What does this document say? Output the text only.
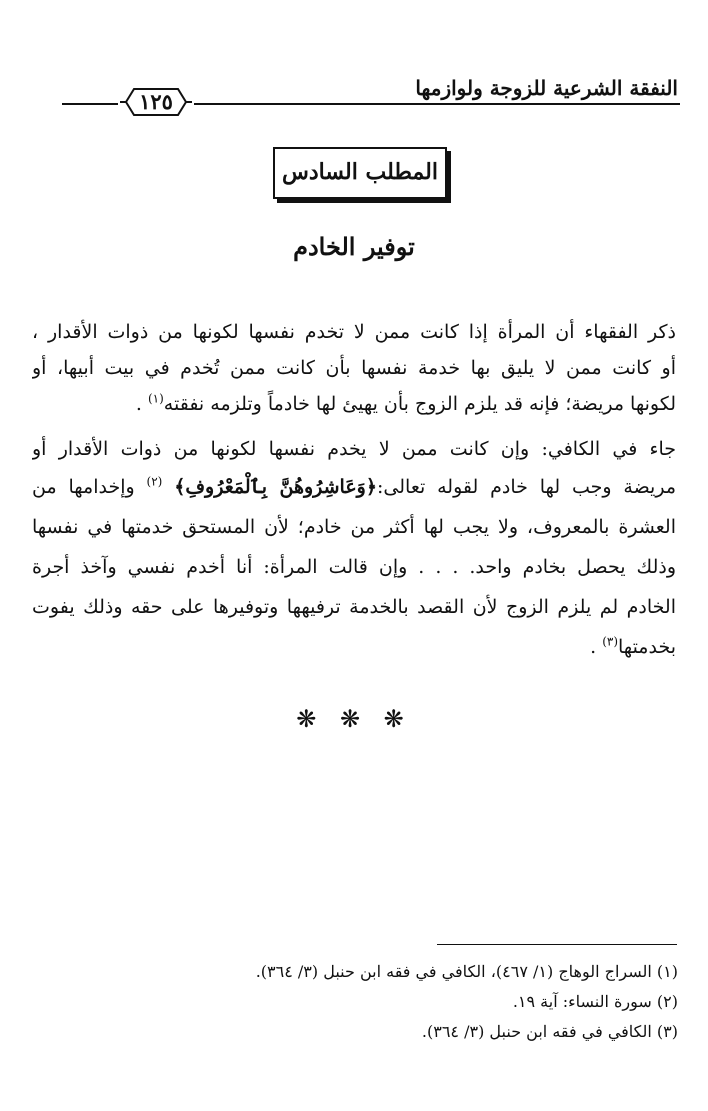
النفقة الشرعية للزوجة ولوازمها
١٢٥
المطلب السادس
توفير الخادم
ذكر الفقهاء أن المرأة إذا كانت ممن لا تخدم نفسها لكونها من ذوات الأقدار ،
أو كانت ممن لا يليق بها خدمة نفسها بأن كانت ممن تُخدم في بيت أبيها، أو
لكونها مريضة؛ فإنه قد يلزم الزوج بأن يهيئ لها خادماً وتلزمه نفقته$^{(١)}$ .
جاء في الكافي: وإن كانت ممن لا يخدم نفسها لكونها من ذوات الأقدار أو
مريضة وجب لها خادم لقوله تعالى:﴿وَعَاشِرُوهُنَّ بِٱلْمَعْرُوفِ﴾ $^{(٢)}$ وإخدامها من
العشرة بالمعروف، ولا يجب لها أكثر من خادم؛ لأن المستحق خدمتها في نفسها
وذلك يحصل بخادم واحد. . . . وإن قالت المرأة: أنا أخدم نفسي وآخذ أجرة
الخادم لم يلزم الزوج لأن القصد بالخدمة ترفيهها وتوفيرها على حقه وذلك يفوت
بخدمتها$^{(٣)}$ .
❋ ❋ ❋
(١) السراج الوهاج (١/ ٤٦٧)، الكافي في فقه ابن حنبل (٣/ ٣٦٤).
(٢) سورة النساء: آية ١٩.
(٣) الكافي في فقه ابن حنبل (٣/ ٣٦٤).
